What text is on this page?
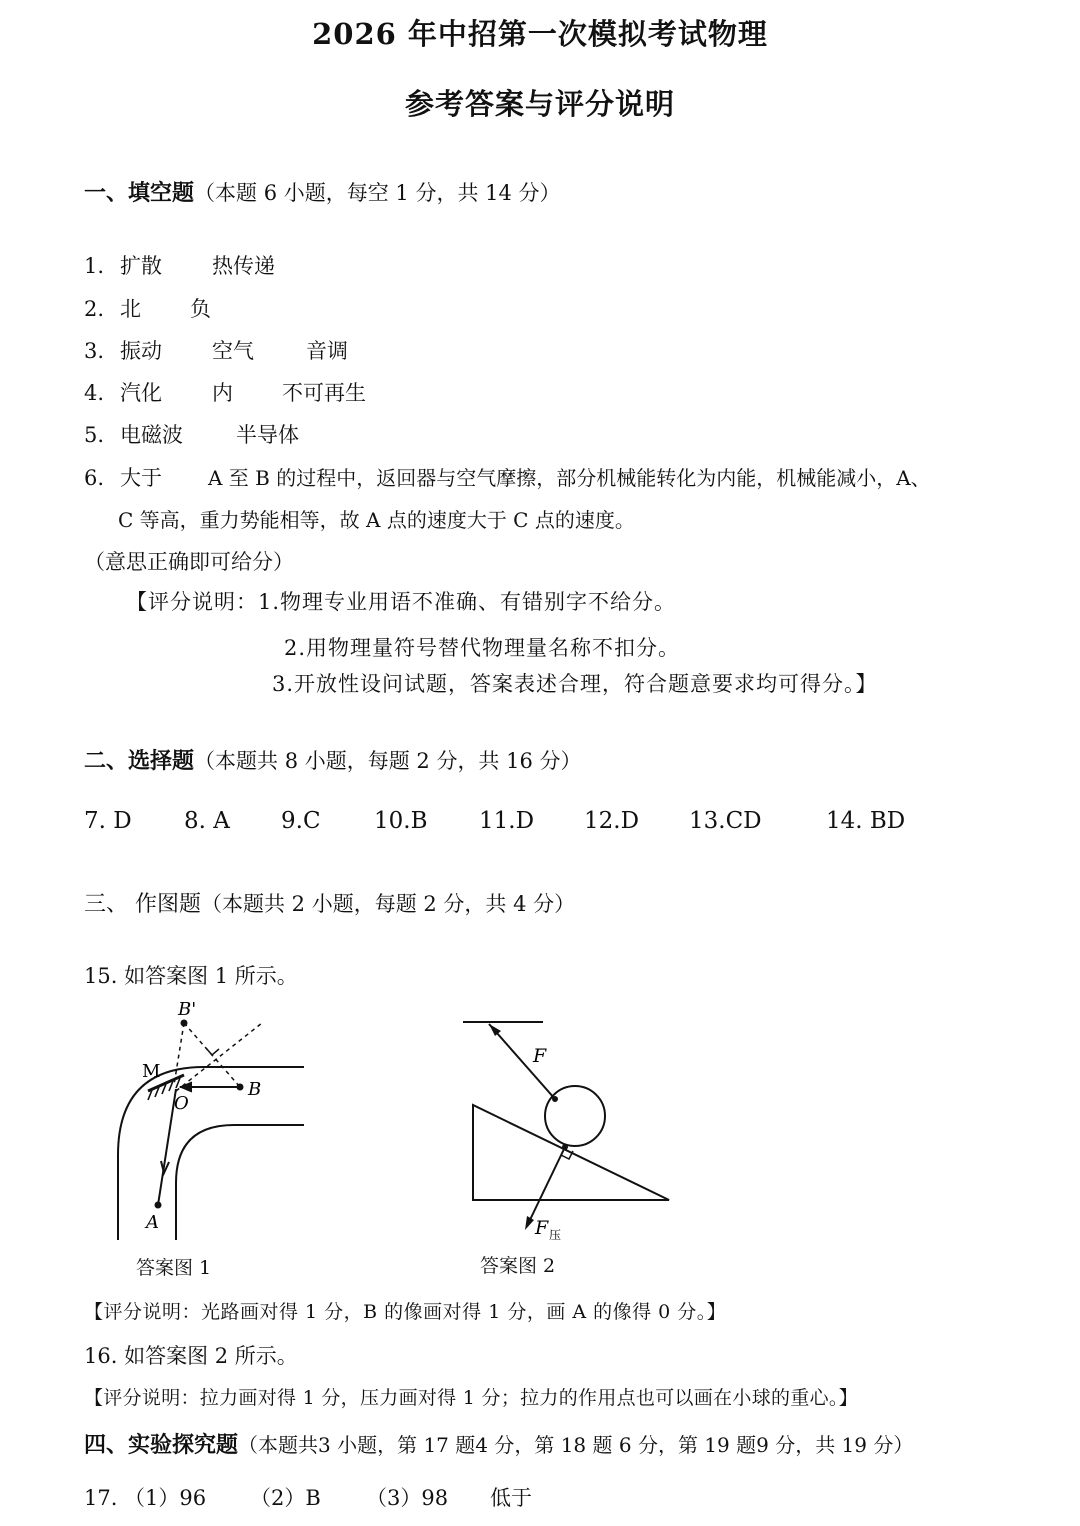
2026 年中招第一次模拟考试物理
参考答案与评分说明
一、填空题（本题 6 小题，每空 1 分，共 14 分）
1. 扩散 热传递
2. 北 负
3. 振动 空气 音调
4. 汽化 内 不可再生
5. 电磁波	半导体
6. 大于 A 至 B 的过程中，返回器与空气摩擦，部分机械能转化为内能，机械能减小，A、
C 等高，重力势能相等，故 A 点的速度大于 C 点的速度。
（意思正确即可给分）
【评分说明：1.物理专业用语不准确、有错别字不给分。
2.用物理量符号替代物理量名称不扣分。
3.开放性设问试题，答案表述合理，符合题意要求均可得分。】
二、选择题（本题共 8 小题，每题 2 分，共 16 分）
7. D 8. A 9.C 10.B 11.D 12.D 13.CD	14. BD
三、 作图题（本题共 2 小题，每题 2 分，共 4 分）
15. 如答案图 1 所示。
B'
M
O
B
A
答案图 1
F
F 压
答案图 2
【评分说明：光路画对得 1 分，B 的像画对得 1 分，画 A 的像得 0 分。】
16. 如答案图 2 所示。
【评分说明：拉力画对得 1 分，压力画对得 1 分；拉力的作用点也可以画在小球的重心。】
四、实验探究题（本题共3 小题，第 17 题4 分，第 18 题 6 分，第 19 题9 分，共 19 分）
17. （1）96 （2）B （3）98 低于
